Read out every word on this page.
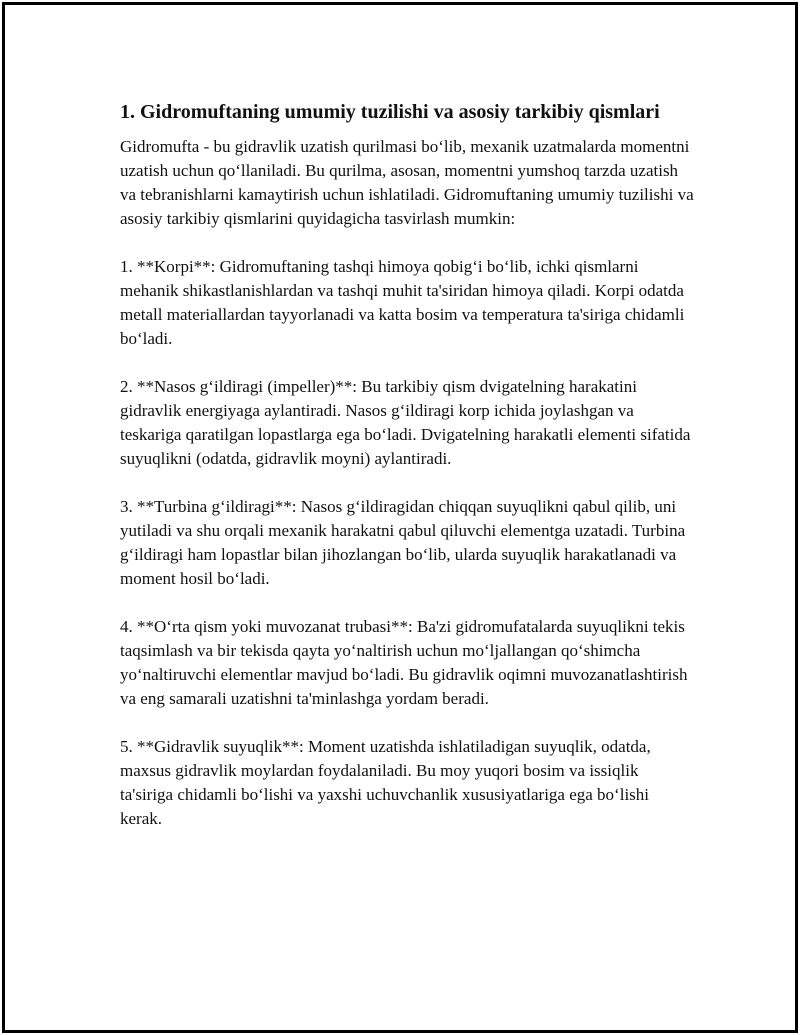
1. Gidromuftaning umumiy tuzilishi va asosiy tarkibiy qismlari

Gidromufta - bu gidravlik uzatish qurilmasi bo‘lib, mexanik uzatmalarda momentni uzatish uchun qo‘llaniladi. Bu qurilma, asosan, momentni yumshoq tarzda uzatish va tebranishlarni kamaytirish uchun ishlatiladi. Gidromuftaning umumiy tuzilishi va asosiy tarkibiy qismlarini quyidagicha tasvirlash mumkin:

1. **Korpi**: Gidromuftaning tashqi himoya qobig‘i bo‘lib, ichki qismlarni mehanik shikastlanishlardan va tashqi muhit ta'siridan himoya qiladi. Korpi odatda metall materiallardan tayyorlanadi va katta bosim va temperatura ta'siriga chidamli bo‘ladi.

2. **Nasos g‘ildiragi (impeller)**: Bu tarkibiy qism dvigatelning harakatini gidravlik energiyaga aylantiradi. Nasos g‘ildiragi korp ichida joylashgan va teskariga qaratilgan lopastlarga ega bo‘ladi. Dvigatelning harakatli elementi sifatida suyuqlikni (odatda, gidravlik moyni) aylantiradi.

3. **Turbina g‘ildiragi**: Nasos g‘ildiragidan chiqqan suyuqlikni qabul qilib, uni yutiladi va shu orqali mexanik harakatni qabul qiluvchi elementga uzatadi. Turbina g‘ildiragi ham lopastlar bilan jihozlangan bo‘lib, ularda suyuqlik harakatlanadi va moment hosil bo‘ladi.

4. **O‘rta qism yoki muvozanat trubasi**: Ba'zi gidromufatalarda suyuqlikni tekis taqsimlash va bir tekisda qayta yo‘naltirish uchun mo‘ljallangan qo‘shimcha yo‘naltiruvchi elementlar mavjud bo‘ladi. Bu gidravlik oqimni muvozanatlashtirish va eng samarali uzatishni ta'minlashga yordam beradi.

5. **Gidravlik suyuqlik**: Moment uzatishda ishlatiladigan suyuqlik, odatda, maxsus gidravlik moylardan foydalaniladi. Bu moy yuqori bosim va issiqlik ta'siriga chidamli bo‘lishi va yaxshi uchuvchanlik xususiyatlariga ega bo‘lishi kerak.
